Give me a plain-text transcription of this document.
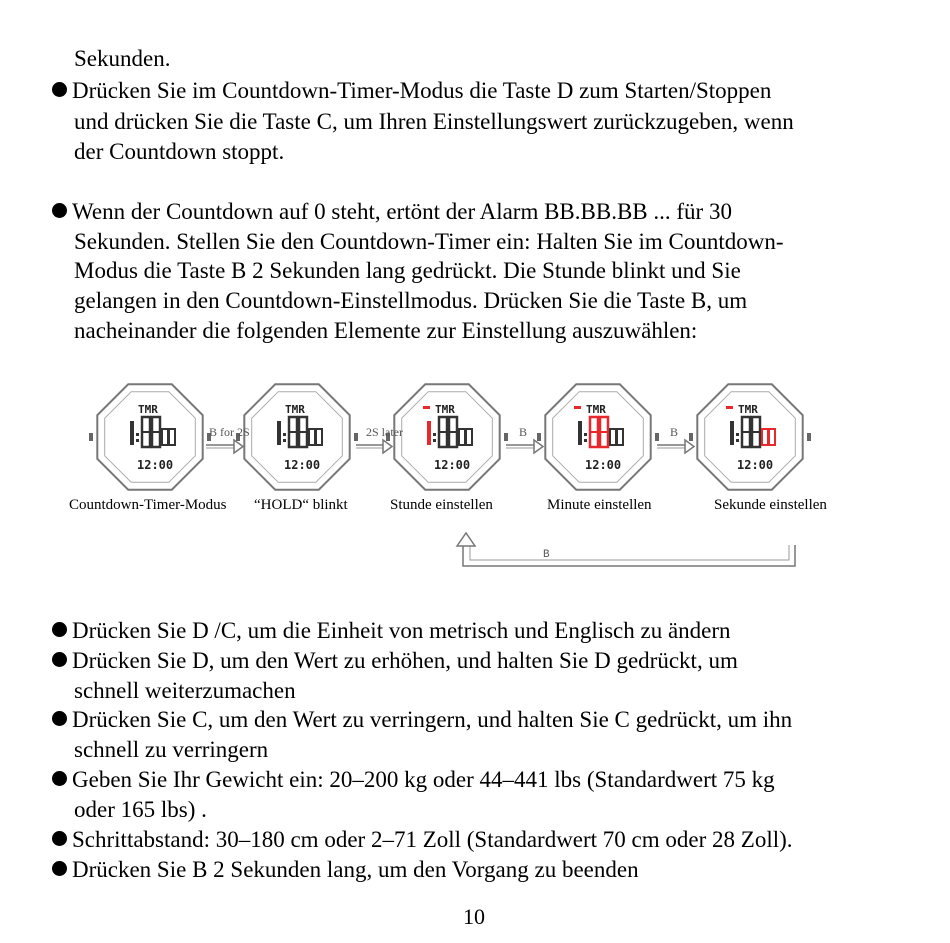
Sekunden.
Drücken Sie im Countdown-Timer-Modus die Taste D zum Starten/Stoppen
und drücken Sie die Taste C, um Ihren Einstellungswert zurückzugeben, wenn
der Countdown stoppt.
Wenn der Countdown auf 0 steht, ertönt der Alarm BB.BB.BB ... für 30
Sekunden. Stellen Sie den Countdown-Timer ein: Halten Sie im Countdown-
Modus die Taste B 2 Sekunden lang gedrückt. Die Stunde blinkt und Sie
gelangen in den Countdown-Einstellmodus. Drücken Sie die Taste B, um
nacheinander die folgenden Elemente zur Einstellung auszuwählen:
TMR
12:00
TMR
12:00
TMR
12:00
TMR
12:00
TMR
12:00
B for 2S	2S later	B	B
B
Countdown-Timer-Modus “HOLD“ blinkt	Stunde einstellen	Minute einstellen	Sekunde einstellen
Drücken Sie D /C, um die Einheit von metrisch und Englisch zu ändern
Drücken Sie D, um den Wert zu erhöhen, und halten Sie D gedrückt, um
schnell weiterzumachen
Drücken Sie C, um den Wert zu verringern, und halten Sie C gedrückt, um ihn
schnell zu verringern
Geben Sie Ihr Gewicht ein: 20–200 kg oder 44–441 lbs (Standardwert 75 kg
oder 165 lbs) .
Schrittabstand: 30–180 cm oder 2–71 Zoll (Standardwert 70 cm oder 28 Zoll).
Drücken Sie B 2 Sekunden lang, um den Vorgang zu beenden
10
